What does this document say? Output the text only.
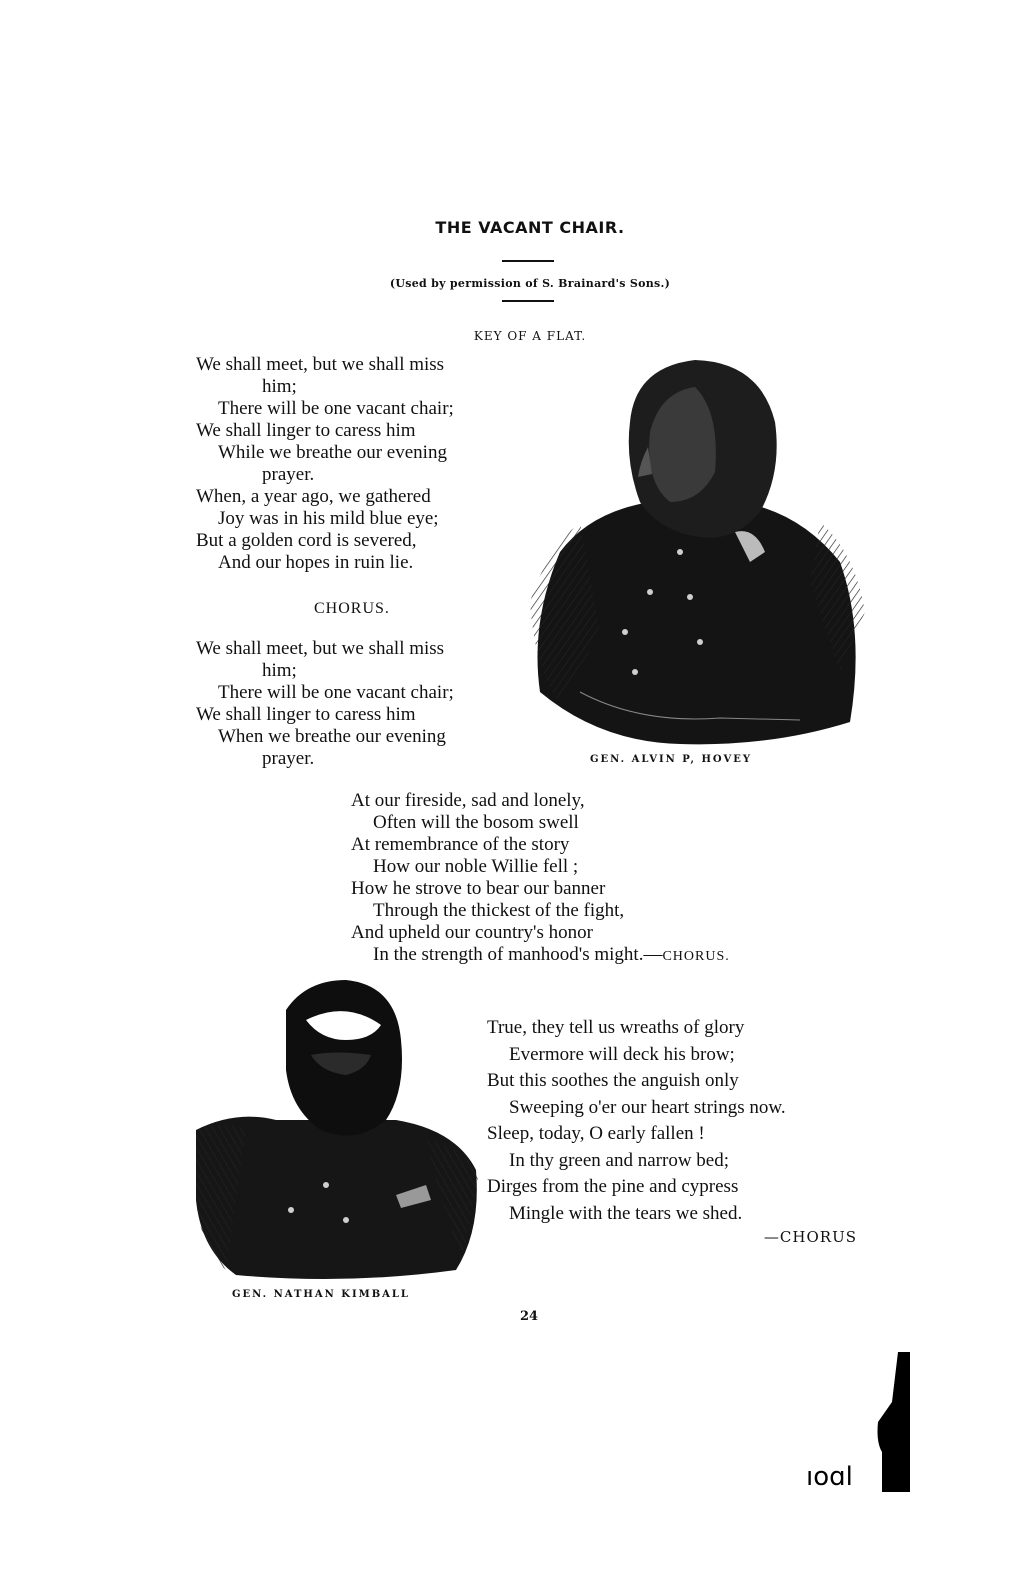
THE VACANT CHAIR.
(Used by permission of S. Brainard's Sons.)
KEY OF A FLAT.
We shall meet, but we shall miss
him;
There will be one vacant chair;
We shall linger to caress him
While we breathe our evening
prayer.
When, a year ago, we gathered
Joy was in his mild blue eye;
But a golden cord is severed,
And our hopes in ruin lie.
CHORUS.
We shall meet, but we shall miss
him;
There will be one vacant chair;
We shall linger to caress him
When we breathe our evening
prayer.	GEN. ALVIN P, HOVEY
At our fireside, sad and lonely,
Often will the bosom swell
At remembrance of the story
How our noble Willie fell ;
How he strove to bear our banner
Through the thickest of the fight,
And upheld our country's honor
In the strength of manhood's might.—CHORUS.
True, they tell us wreaths of glory
Evermore will deck his brow;
But this soothes the anguish only
Sweeping o'er our heart strings now.
Sleep, today, O early fallen !
In thy green and narrow bed;
Dirges from the pine and cypress
Mingle with the tears we shed.
—CHORUS
GEN. NATHAN KIMBALL
24
ıoɑl
